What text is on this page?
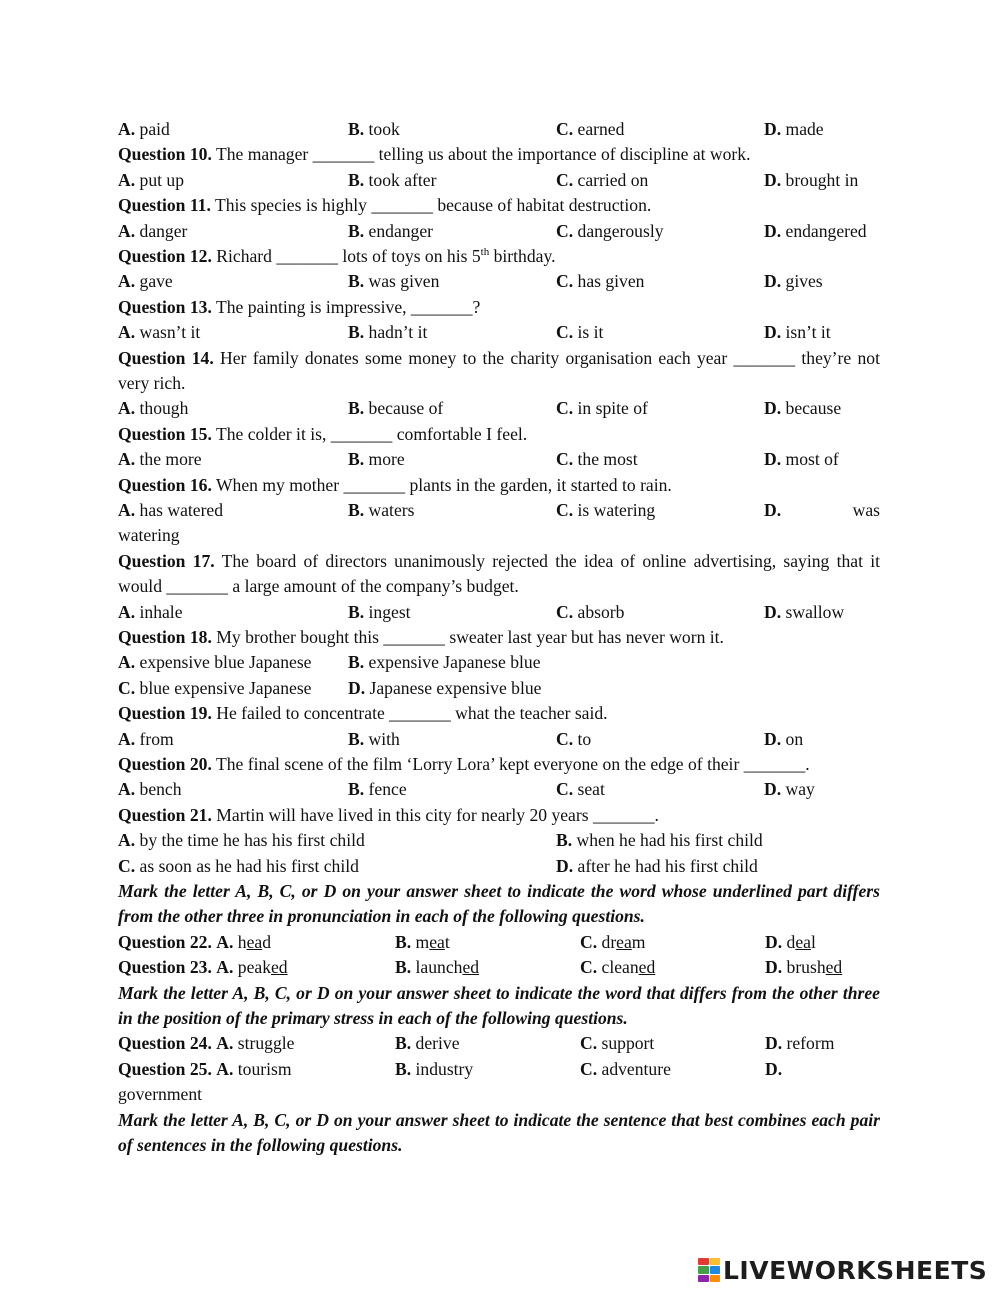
A. paid	B. took	C. earned	D. made
Question 10. The manager _______ telling us about the importance of discipline at work.
A. put up	B. took after	C. carried on	D. brought in
Question 11. This species is highly _______ because of habitat destruction.
A. danger	B. endanger	C. dangerously	D. endangered
Question 12. Richard _______ lots of toys on his 5th birthday.
A. gave	B. was given	C. has given	D. gives
Question 13. The painting is impressive, _______?
A. wasn’t it	B. hadn’t it	C. is it	D. isn’t it
Question 14. Her family donates some money to the charity organisation each year _______ they’re not very rich.
A. though	B. because of	C. in spite of	D. because
Question 15. The colder it is, _______ comfortable I feel.
A. the more	B. more	C. the most	D. most of
Question 16. When my mother _______ plants in the garden, it started to rain.
A. has watered	B. waters	C. is watering	D.	was
watering
Question 17. The board of directors unanimously rejected the idea of online advertising, saying that it would _______ a large amount of the company’s budget.
A. inhale	B. ingest	C. absorb	D. swallow
Question 18. My brother bought this _______ sweater last year but has never worn it.
A. expensive blue Japanese	B. expensive Japanese blue
C. blue expensive Japanese	D. Japanese expensive blue
Question 19. He failed to concentrate _______ what the teacher said.
A. from	B. with	C. to	D. on
Question 20. The final scene of the film ‘Lorry Lora’ kept everyone on the edge of their _______.
A. bench	B. fence	C. seat	D. way
Question 21. Martin will have lived in this city for nearly 20 years _______.
A. by the time he has his first child	B. when he had his first child
C. as soon as he had his first child	D. after he had his first child
Mark the letter A, B, C, or D on your answer sheet to indicate the word whose underlined part differs from the other three in pronunciation in each of the following questions.
Question 22. A. head	B. meat	C. dream	D. deal
Question 23. A. peaked	B. launched	C. cleaned	D. brushed
Mark the letter A, B, C, or D on your answer sheet to indicate the word that differs from the other three in the position of the primary stress in each of the following questions.
Question 24. A. struggle	B. derive	C. support	D. reform
Question 25. A. tourism	B. industry	C. adventure	D.
government
Mark the letter A, B, C, or D on your answer sheet to indicate the sentence that best combines each pair of sentences in the following questions.
LIVEWORKSHEETS
